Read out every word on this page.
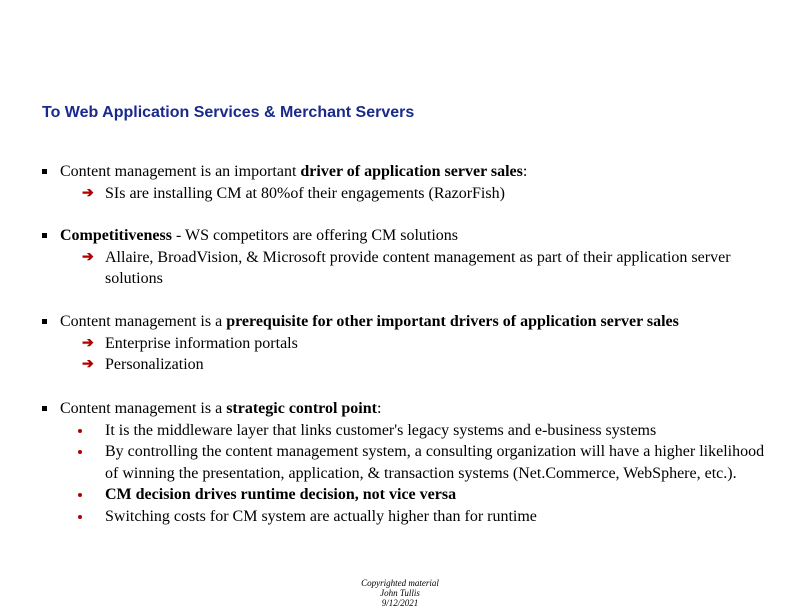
To Web Application Services & Merchant Servers
Content management is an important driver of application server sales:
➔ SIs are installing CM at 80%of their engagements (RazorFish)
Competitiveness - WS competitors are offering CM solutions
➔ Allaire, BroadVision, & Microsoft provide content management as part of their application server solutions
Content management is a prerequisite for other important drivers of application server sales
➔ Enterprise information portals
➔ Personalization
Content management is a strategic control point:
It is the middleware layer that links customer's legacy systems and e-business systems
By controlling the content management system, a consulting organization will have a higher likelihood of winning the presentation, application, & transaction systems (Net.Commerce, WebSphere, etc.).
CM decision drives runtime decision, not vice versa
Switching costs for CM system are actually higher than for runtime
Copyrighted material
John Tullis
9/12/2021
